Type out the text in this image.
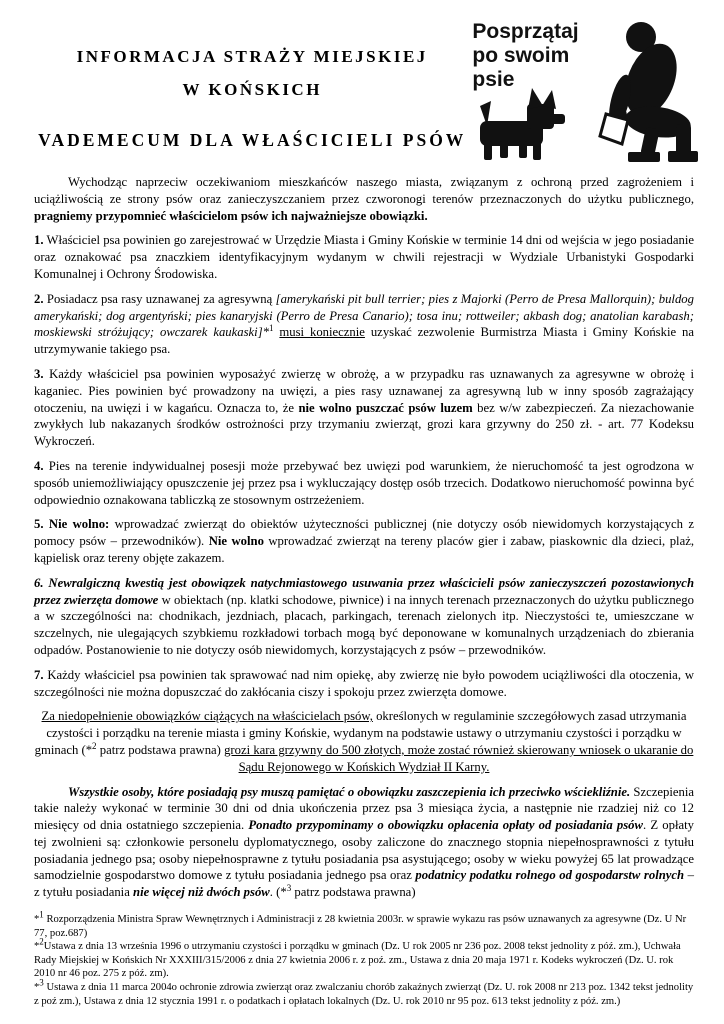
INFORMACJA STRAŻY MIEJSKIEJ
W KOŃSKICH
VADEMECUM DLA WŁAŚCICIELI PSÓW
Posprzątaj
po swoim
psie

Wychodząc naprzeciw oczekiwaniom mieszkańców naszego miasta, związanym z ochroną przed zagrożeniem i uciążliwością ze strony psów oraz zanieczyszczaniem przez czworonogi terenów przeznaczonych do użytku publicznego, pragniemy przypomnieć właścicielom psów ich najważniejsze obowiązki.

1. Właściciel psa powinien go zarejestrować w Urzędzie Miasta i Gminy Końskie w terminie 14 dni od wejścia w jego posiadanie oraz oznakować psa znaczkiem identyfikacyjnym wydanym w chwili rejestracji w Wydziale Urbanistyki Gospodarki Komunalnej i Ochrony Środowiska.

2. Posiadacz psa rasy uznawanej za agresywną [amerykański pit bull terrier; pies z Majorki (Perro de Presa Mallorquin); buldog amerykański; dog argentyński; pies kanaryjski (Perro de Presa Canario); tosa inu; rottweiler; akbash dog; anatolian karabash; moskiewski stróżujący; owczarek kaukaski]*$^1$ musi koniecznie uzyskać zezwolenie Burmistrza Miasta i Gminy Końskie na utrzymywanie takiego psa.

3. Każdy właściciel psa powinien wyposażyć zwierzę w obrożę, a w przypadku ras uznawanych za agresywne w obrożę i kaganiec. Pies powinien być prowadzony na uwięzi, a pies rasy uznawanej za agresywną lub w inny sposób zagrażający otoczeniu, na uwięzi i w kagańcu. Oznacza to, że nie wolno puszczać psów luzem bez w/w zabezpieczeń. Za niezachowanie zwykłych lub nakazanych środków ostrożności przy trzymaniu zwierząt, grozi kara grzywny do 250 zł. - art. 77 Kodeksu Wykroczeń.

4. Pies na terenie indywidualnej posesji może przebywać bez uwięzi pod warunkiem, że nieruchomość ta jest ogrodzona w sposób uniemożliwiający opuszczenie jej przez psa i wykluczający dostęp osób trzecich. Dodatkowo nieruchomość powinna być odpowiednio oznakowana tabliczką ze stosownym ostrzeżeniem.

5. Nie wolno: wprowadzać zwierząt do obiektów użyteczności publicznej (nie dotyczy osób niewidomych korzystających z pomocy psów – przewodników). Nie wolno wprowadzać zwierząt na tereny placów gier i zabaw, piaskownic dla dzieci, plaż, kąpielisk oraz tereny objęte zakazem.

6. Newralgiczną kwestią jest obowiązek natychmiastowego usuwania przez właścicieli psów zanieczyszczeń pozostawionych przez zwierzęta domowe w obiektach (np. klatki schodowe, piwnice) i na innych terenach przeznaczonych do użytku publicznego a w szczególności na: chodnikach, jezdniach, placach, parkingach, terenach zielonych itp. Nieczystości te, umieszczane w szczelnych, nie ulegających szybkiemu rozkładowi torbach mogą być deponowane w komunalnych urządzeniach do zbierania odpadów. Postanowienie to nie dotyczy osób niewidomych, korzystających z psów – przewodników.

7. Każdy właściciel psa powinien tak sprawować nad nim opiekę, aby zwierzę nie było powodem uciążliwości dla otoczenia, w szczególności nie można dopuszczać do zakłócania ciszy i spokoju przez zwierzęta domowe.

Za niedopełnienie obowiązków ciążących na właścicielach psów, określonych w regulaminie szczegółowych zasad utrzymania czystości i porządku na terenie miasta i gminy Końskie, wydanym na podstawie ustawy o utrzymaniu czystości i porządku w gminach (*$^2$ patrz podstawa prawna) grozi kara grzywny do 500 złotych, może zostać również skierowany wniosek o ukaranie do Sądu Rejonowego w Końskich Wydział II Karny.

Wszystkie osoby, które posiadają psy muszą pamiętać o obowiązku zaszczepienia ich przeciwko wściekliźnie. Szczepienia takie należy wykonać w terminie 30 dni od dnia ukończenia przez psa 3 miesiąca życia, a następnie nie rzadziej niż co 12 miesięcy od dnia ostatniego szczepienia. Ponadto przypominamy o obowiązku opłacenia opłaty od posiadania psów. Z opłaty tej zwolnieni są: członkowie personelu dyplomatycznego, osoby zaliczone do znacznego stopnia niepełnosprawności z tytułu posiadania jednego psa; osoby niepełnosprawne z tytułu posiadania psa asystującego; osoby w wieku powyżej 65 lat prowadzące samodzielnie gospodarstwo domowe z tytułu posiadania jednego psa oraz podatnicy podatku rolnego od gospodarstw rolnych – z tytułu posiadania nie więcej niż dwóch psów. (*$^3$ patrz podstawa prawna)

*$^1$ Rozporządzenia Ministra Spraw Wewnętrznych i Administracji z 28 kwietnia 2003r. w sprawie wykazu ras psów uznawanych za agresywne (Dz. U Nr 77, poz.687)

*$^2$Ustawa z dnia 13 września 1996 o utrzymaniu czystości i porządku w gminach (Dz. U rok 2005 nr 236 poz. 2008 tekst jednolity z póź. zm.), Uchwała Rady Miejskiej w Końskich Nr XXXIII/315/2006 z dnia 27 kwietnia 2006 r. z poź. zm., Ustawa z dnia 20 maja 1971 r. Kodeks wykroczeń (Dz. U. rok 2010 nr 46 poz. 275 z póź. zm).

*$^3$ Ustawa z dnia 11 marca 2004o ochronie zdrowia zwierząt oraz zwalczaniu chorób zakaźnych zwierząt (Dz. U. rok 2008 nr 213 poz. 1342 tekst jednolity z poź zm.), Ustawa z dnia 12 stycznia 1991 r. o podatkach i opłatach lokalnych (Dz. U. rok 2010 nr 95 poz. 613 tekst jednolity z póź. zm.)
